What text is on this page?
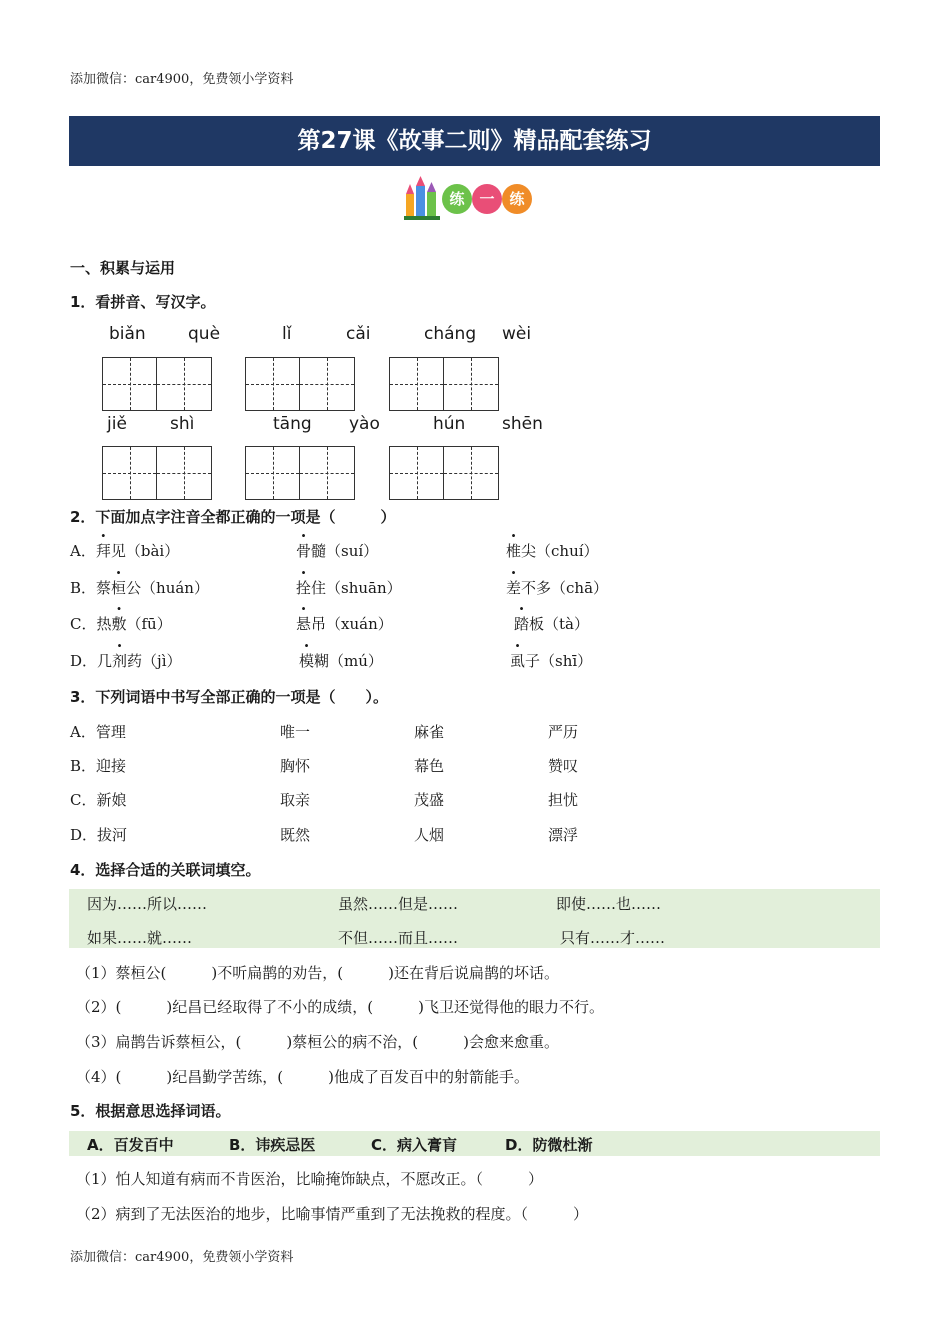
添加微信：car4900，免费领小学资料
第27课《故事二则》精品配套练习
练 一 练
一、积累与运用
1．看拼音、写汉字。
biǎn què	lǐ	cǎi	cháng wèi
jiě	shì	tāng yào	hún shēn
2．下面加点字注音全都正确的一项是（　　　）
A．拜见（bài）	骨髓（suí）	椎尖（chuí）
B．蔡桓公（huán）	拴住（shuān）	差不多（chā）
C．热敷（fū）	悬吊（xuán）	踏板（tà）
D．几剂药（jì）	模糊（mú）	虱子（shī）
3．下列词语中书写全部正确的一项是（　　）。
A．管理	唯一	麻雀	严历
B．迎接	胸怀	幕色	赞叹
C．新娘	取亲	茂盛	担忧
D．拔河	既然	人烟	漂浮
4．选择合适的关联词填空。
因为……所以……	虽然……但是……	即使……也……
如果……就……	不但……而且……	只有……才……
（1）蔡桓公(　　　)不听扁鹊的劝告，(　　　)还在背后说扁鹊的坏话。
（2）(　　　)纪昌已经取得了不小的成绩，(　　　)飞卫还觉得他的眼力不行。
（3）扁鹊告诉蔡桓公，(　　　)蔡桓公的病不治，(　　　)会愈来愈重。
（4）(　　　)纪昌勤学苦练，(　　　)他成了百发百中的射箭能手。
5．根据意思选择词语。
A．百发百中	B．讳疾忌医	C．病入膏肓	D．防微杜渐
（1）怕人知道有病而不肯医治，比喻掩饰缺点，不愿改正。（　　　）
（2）病到了无法医治的地步，比喻事情严重到了无法挽救的程度。（　　　）
添加微信：car4900，免费领小学资料
